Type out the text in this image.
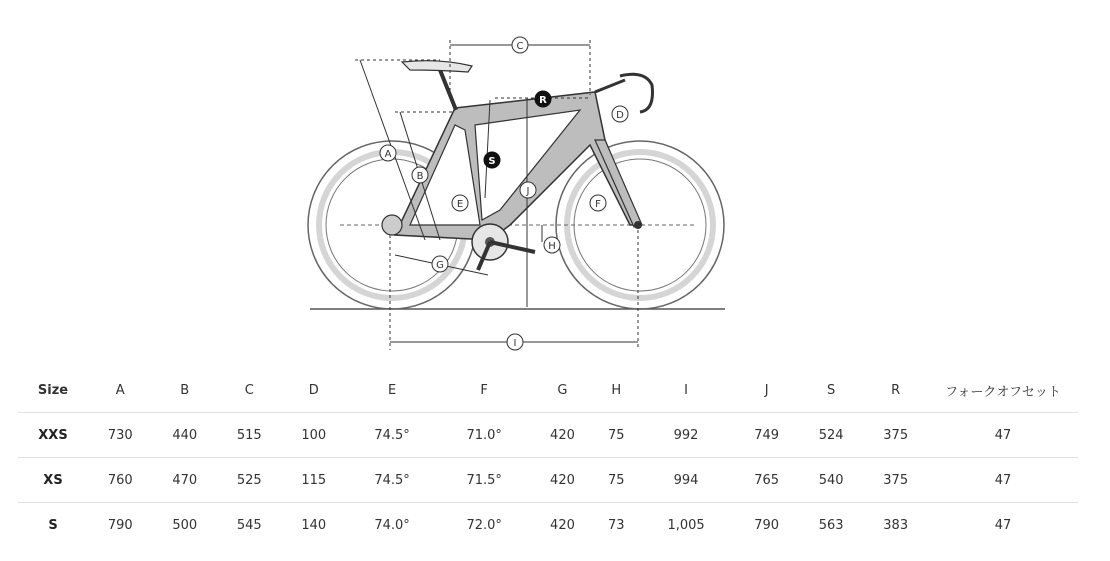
A
B
C
D
E	F
G
H
I
J
S
R
Size	A	B	C	D	E	F	G	H	I	J	S	R	フォークオフセット
XXS	730	440	515	100	74.5°	71.0°	420	75	992	749	524	375	47
XS	760	470	525	115	74.5°	71.5°	420	75	994	765	540	375	47
S	790	500	545	140	74.0°	72.0°	420	73	1,005	790	563	383	47
